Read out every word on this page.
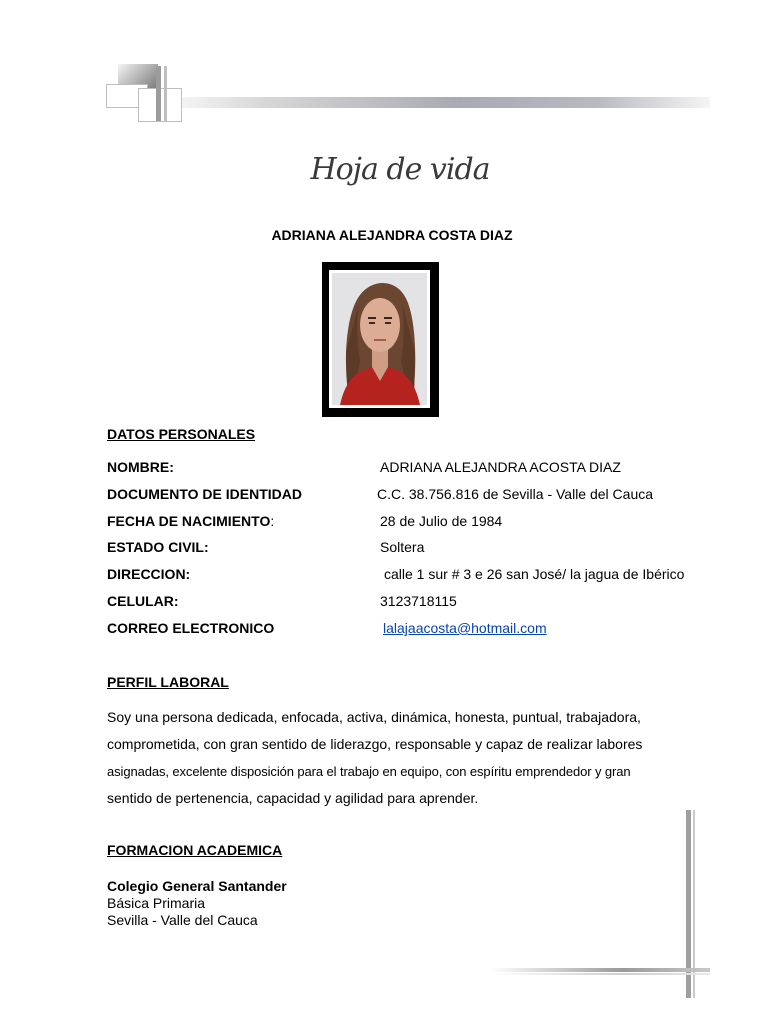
Hoja de vida
ADRIANA ALEJANDRA COSTA DIAZ
DATOS PERSONALES
NOMBRE:	ADRIANA ALEJANDRA ACOSTA DIAZ
DOCUMENTO DE IDENTIDAD	C.C. 38.756.816 de Sevilla - Valle del Cauca
FECHA DE NACIMIENTO:	28 de Julio de 1984
ESTADO CIVIL:	Soltera
DIRECCION:	calle 1 sur # 3 e 26 san José/ la jagua de Ibérico
CELULAR:	3123718115
CORREO ELECTRONICO	lalajaacosta@hotmail.com
PERFIL LABORAL
Soy una persona dedicada, enfocada, activa, dinámica, honesta, puntual, trabajadora,
comprometida, con gran sentido de liderazgo, responsable y capaz de realizar labores
asignadas, excelente disposición para el trabajo en equipo, con espíritu emprendedor y gran
sentido de pertenencia, capacidad y agilidad para aprender.
FORMACION ACADEMICA
Colegio General Santander
Básica Primaria
Sevilla - Valle del Cauca
